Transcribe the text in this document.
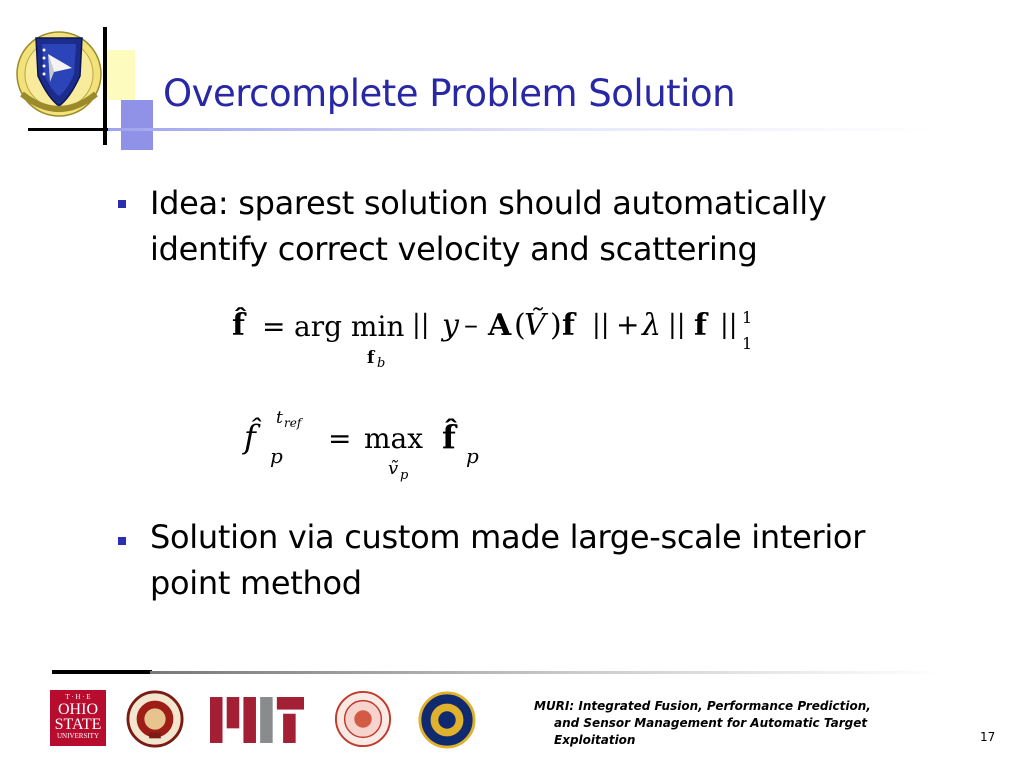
Overcomplete Problem Solution
Idea: sparest solution should automatically
identify correct velocity and scattering
f̂ = arg min
f b
|| y – A (
Ṽ ) f || + λ || f || 1
1
f̂ t ref
p
= max
ṽ p
f̂ p
Solution via custom made large-scale interior
point method
T · H · E
OHIO
STATE
UNIVERSITY
MURI: Integrated Fusion, Performance Prediction,
and Sensor Management for Automatic Target
Exploitation	17
